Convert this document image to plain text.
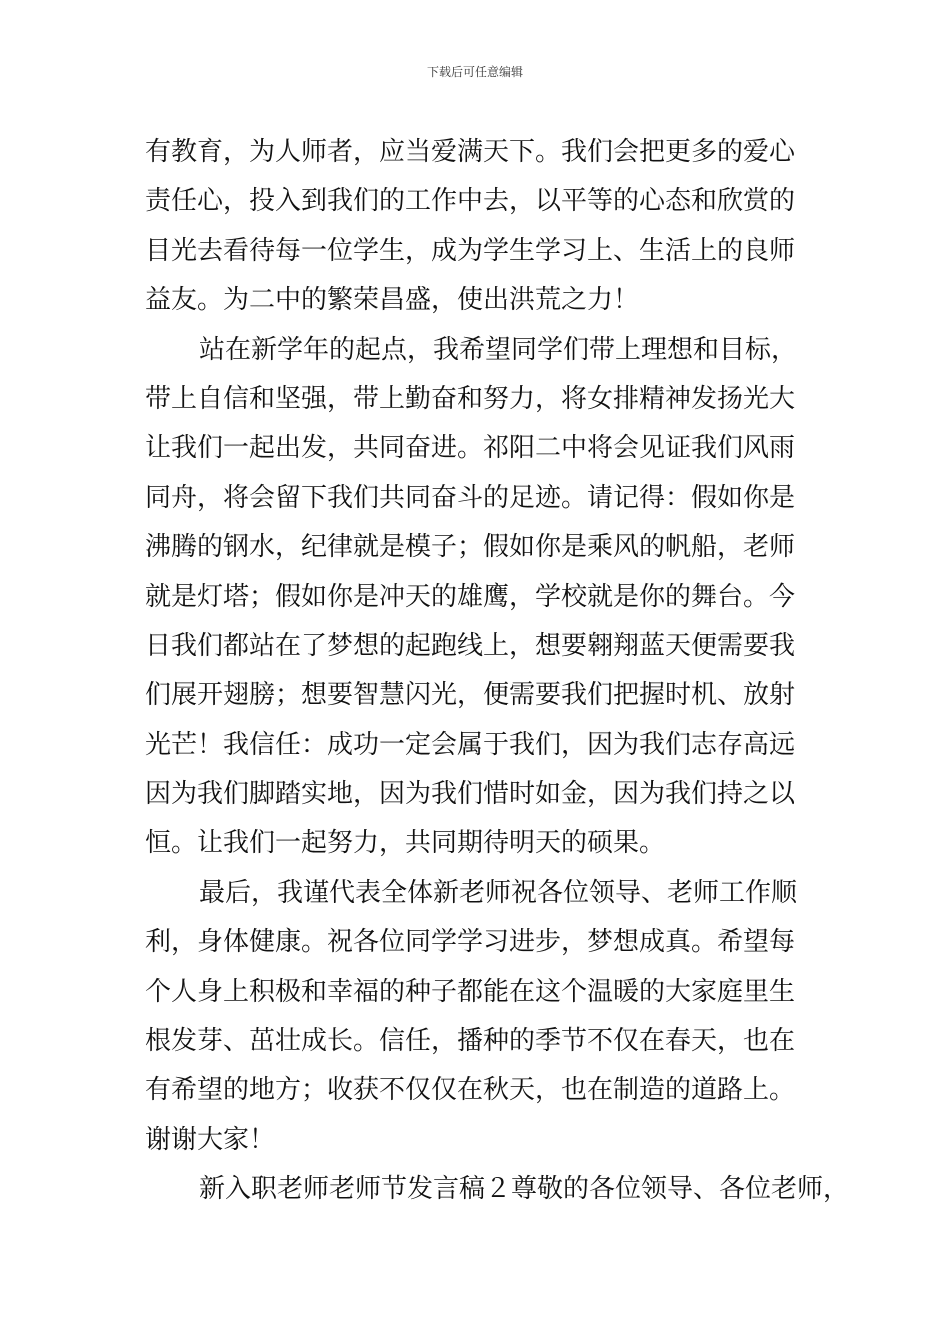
下载后可任意编辑
有教育，为人师者，应当爱满天下。我们会把更多的爱心
责任心，投入到我们的工作中去，以平等的心态和欣赏的
目光去看待每一位学生，成为学生学习上、生活上的良师
益友。为二中的繁荣昌盛，使出洪荒之力！
站在新学年的起点，我希望同学们带上理想和目标，
带上自信和坚强，带上勤奋和努力，将女排精神发扬光大
让我们一起出发，共同奋进。祁阳二中将会见证我们风雨
同舟，将会留下我们共同奋斗的足迹。请记得：假如你是
沸腾的钢水，纪律就是模子；假如你是乘风的帆船，老师
就是灯塔；假如你是冲天的雄鹰，学校就是你的舞台。今
日我们都站在了梦想的起跑线上，想要翱翔蓝天便需要我
们展开翅膀；想要智慧闪光，便需要我们把握时机、放射
光芒！我信任：成功一定会属于我们，因为我们志存高远
因为我们脚踏实地，因为我们惜时如金，因为我们持之以
恒。让我们一起努力，共同期待明天的硕果。
最后，我谨代表全体新老师祝各位领导、老师工作顺
利，身体健康。祝各位同学学习进步，梦想成真。希望每
个人身上积极和幸福的种子都能在这个温暖的大家庭里生
根发芽、茁壮成长。信任，播种的季节不仅在春天，也在
有希望的地方；收获不仅仅在秋天，也在制造的道路上。
谢谢大家！
新入职老师老师节发言稿２尊敬的各位领导、各位老师，
